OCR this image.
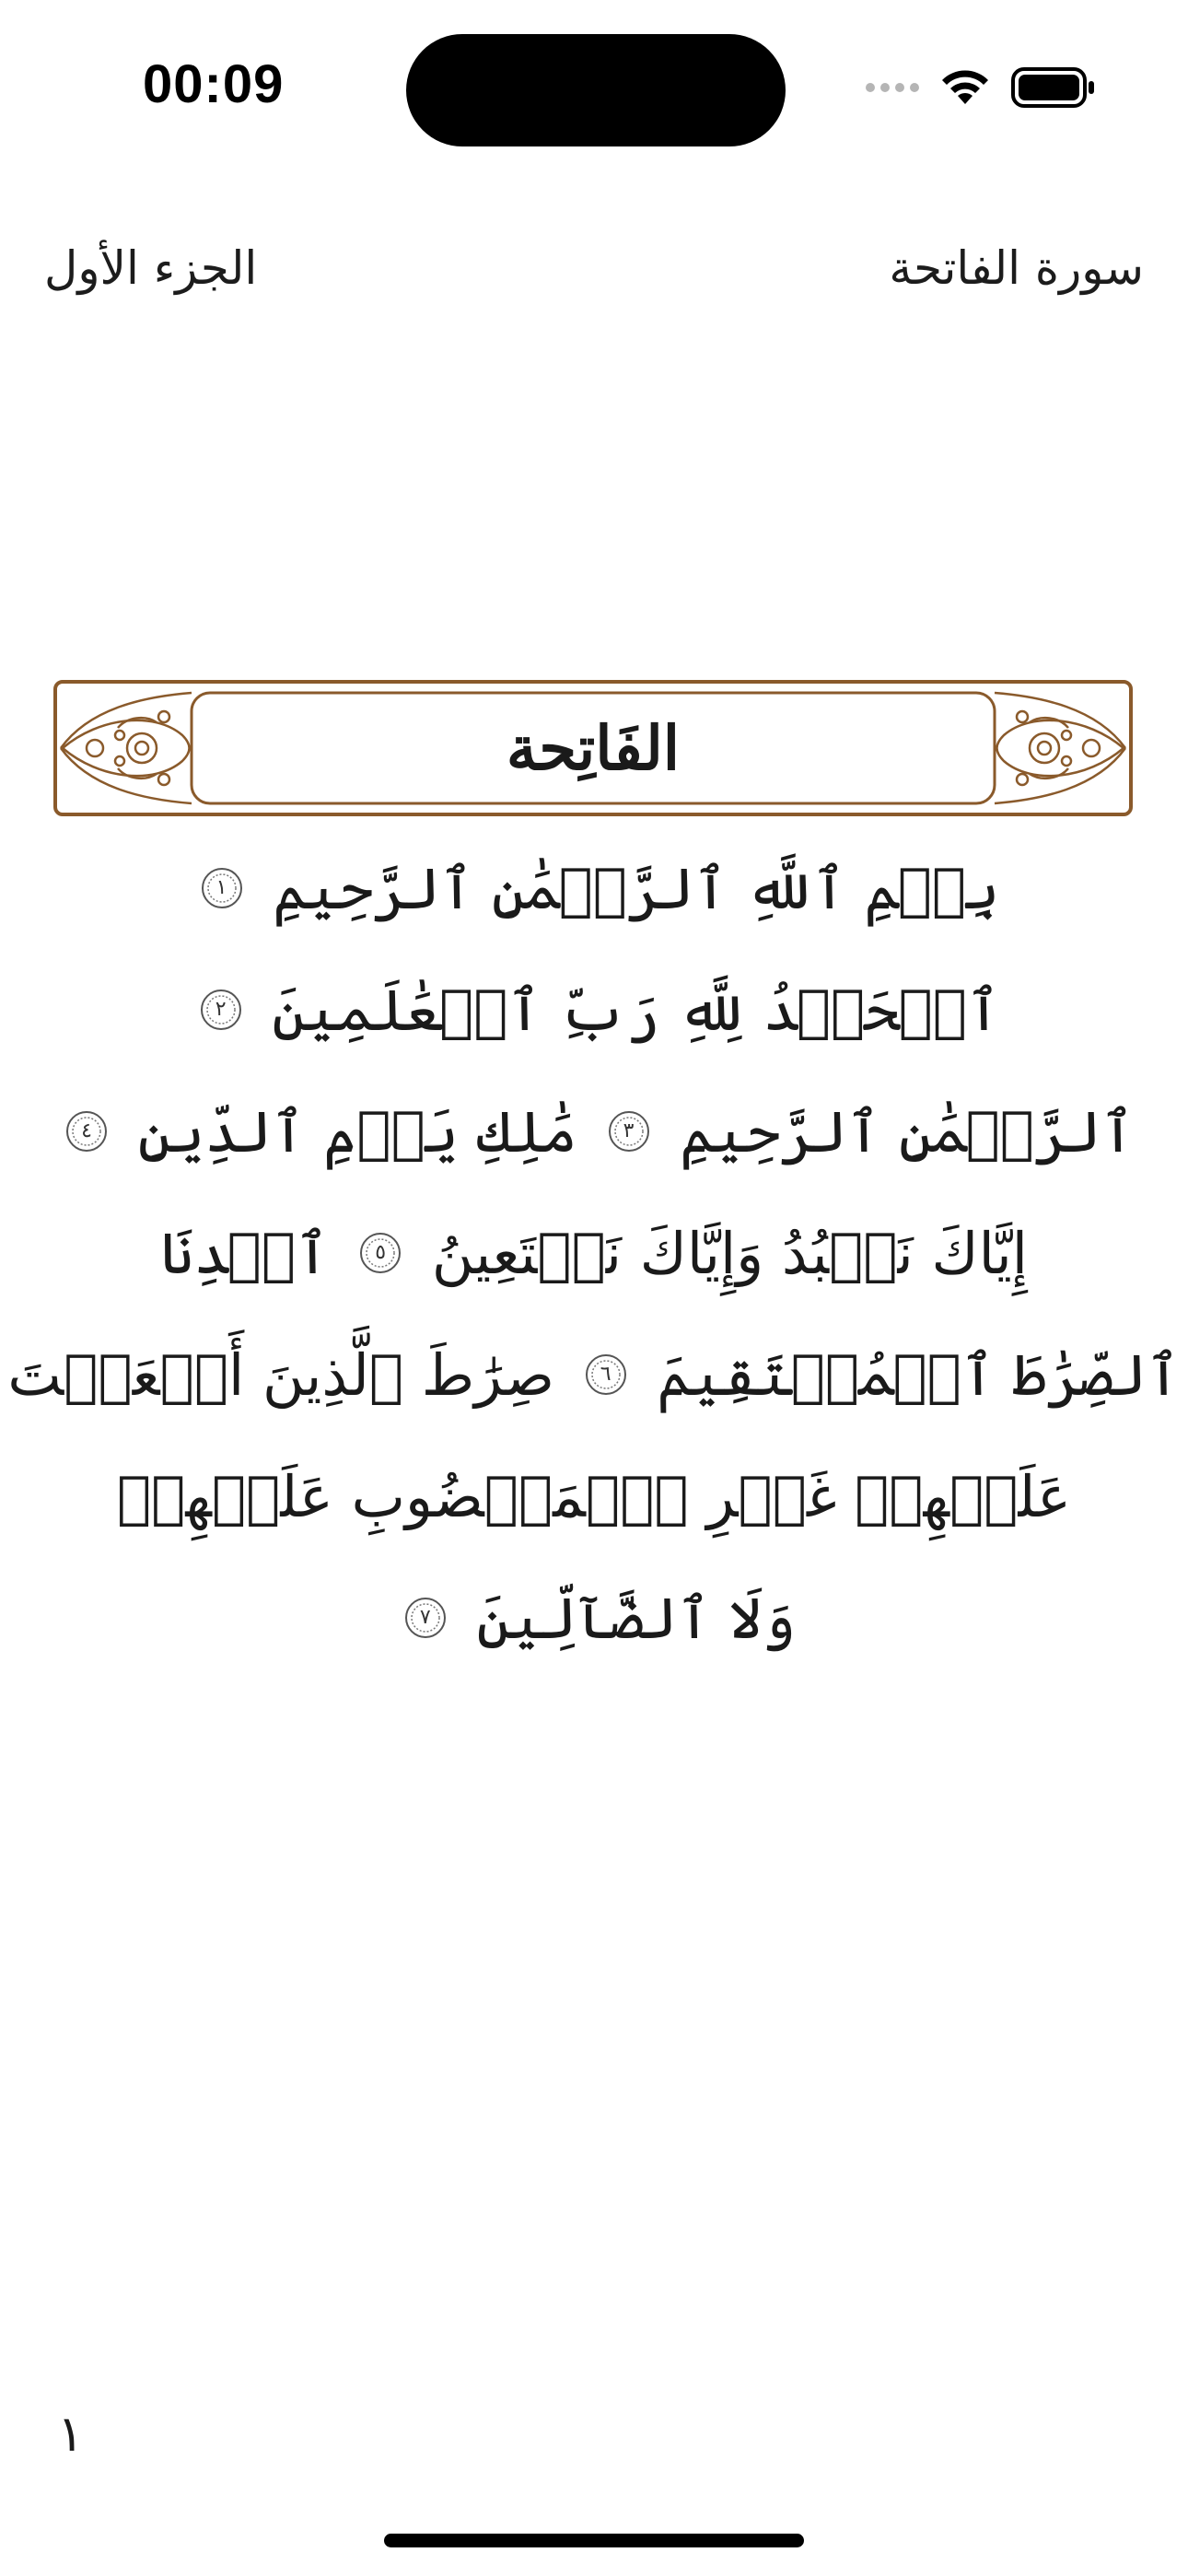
00:09
سورة الفاتحة
الجزء الأول
الفَاتِحة
بِسۡمِ ٱللَّهِ ٱلرَّحۡمَٰنِ ٱلرَّحِيمِ
١
ٱلۡحَمۡدُ لِلَّهِ رَبِّ ٱلۡعَٰلَمِينَ
٢
ٱلرَّحۡمَٰنِ ٱلرَّحِيمِ
٣
مَٰلِكِ يَوۡمِ ٱلدِّينِ
٤
إِيَّاكَ نَعۡبُدُ وَإِيَّاكَ نَسۡتَعِينُ
٥
ٱهۡدِنَا
ٱلصِّرَٰطَ ٱلۡمُسۡتَقِيمَ
٦
صِرَٰطَ ٱلَّذِينَ أَنۡعَمۡتَ
عَلَيۡهِمۡ غَيۡرِ ٱلۡمَغۡضُوبِ عَلَيۡهِمۡ
وَلَا ٱلضَّآلِّينَ
٧
١
